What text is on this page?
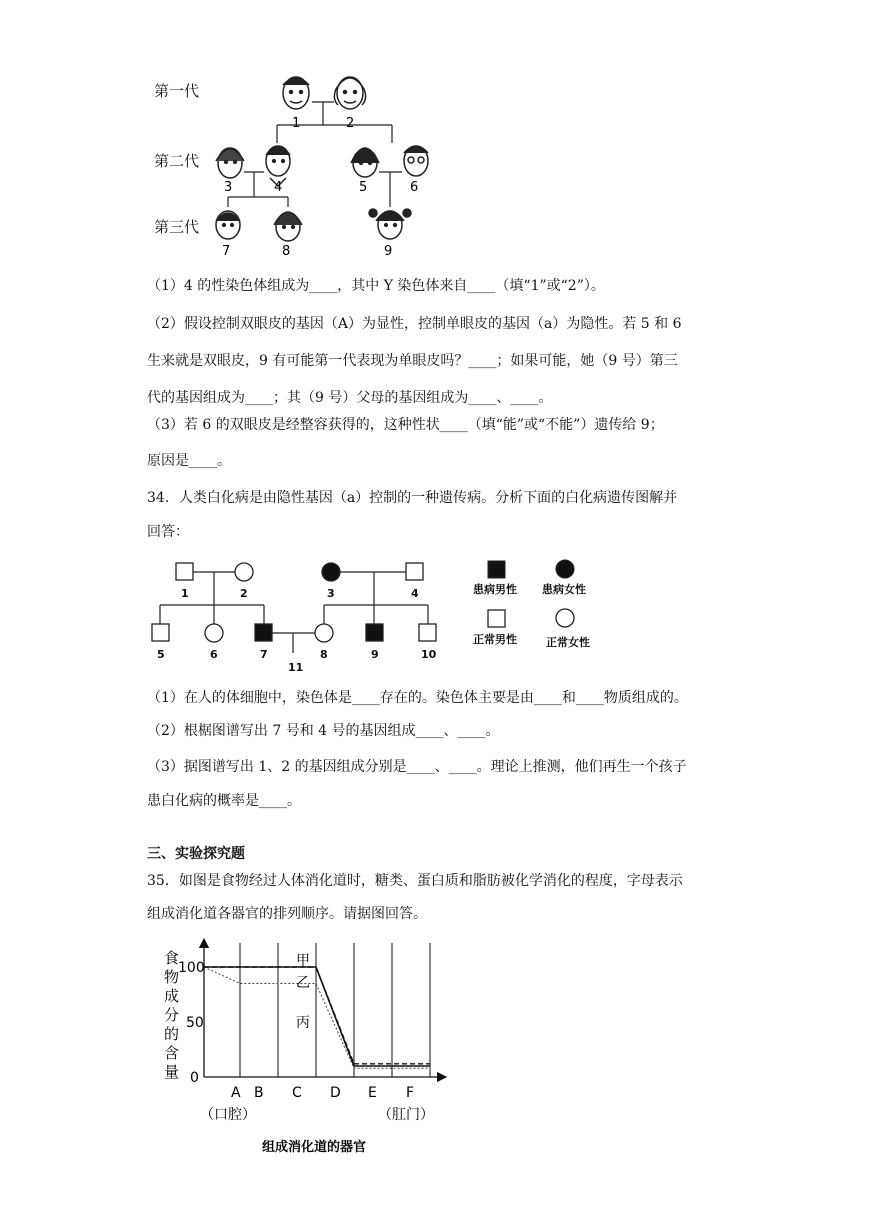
第一代
第二代
第三代
1	2
3	4	5	6
7	8	9
（1）4 的性染色体组成为____，其中 Y 染色体来自____（填“1”或“2”）。
（2）假设控制双眼皮的基因（A）为显性，控制单眼皮的基因（a）为隐性。若 5 和 6
生来就是双眼皮，9 有可能第一代表现为单眼皮吗？____；如果可能，她（9 号）第三
代的基因组成为____；其（9 号）父母的基因组成为____、____。
（3）若 6 的双眼皮是经整容获得的，这种性状____（填“能”或“不能”）遗传给 9；
原因是____。
34．人类白化病是由隐性基因（a）控制的一种遗传病。分析下面的白化病遗传图解并
回答：
1	2	3	4
5	6	7	8	9	10
11
患病男性 患病女性
正常男性	正常女性
（1）在人的体细胞中，染色体是____存在的。染色体主要是由____和____物质组成的。
（2）根椐图谱写出 7 号和 4 号的基因组成____、____。
（3）据图谱写出 1、2 的基因组成分别是____、____。理论上推测，他们再生一个孩子
患白化病的概率是____。
三、实验探究题
35．如图是食物经过人体消化道时，糖类、蛋白质和脂肪被化学消化的程度，字母表示
组成消化道各器官的排列顺序。请据图回答。
食物成分的含量 0
50
100	甲
乙
丙
A B C D E F
（口腔）	（肛门）
组成消化道的器官
